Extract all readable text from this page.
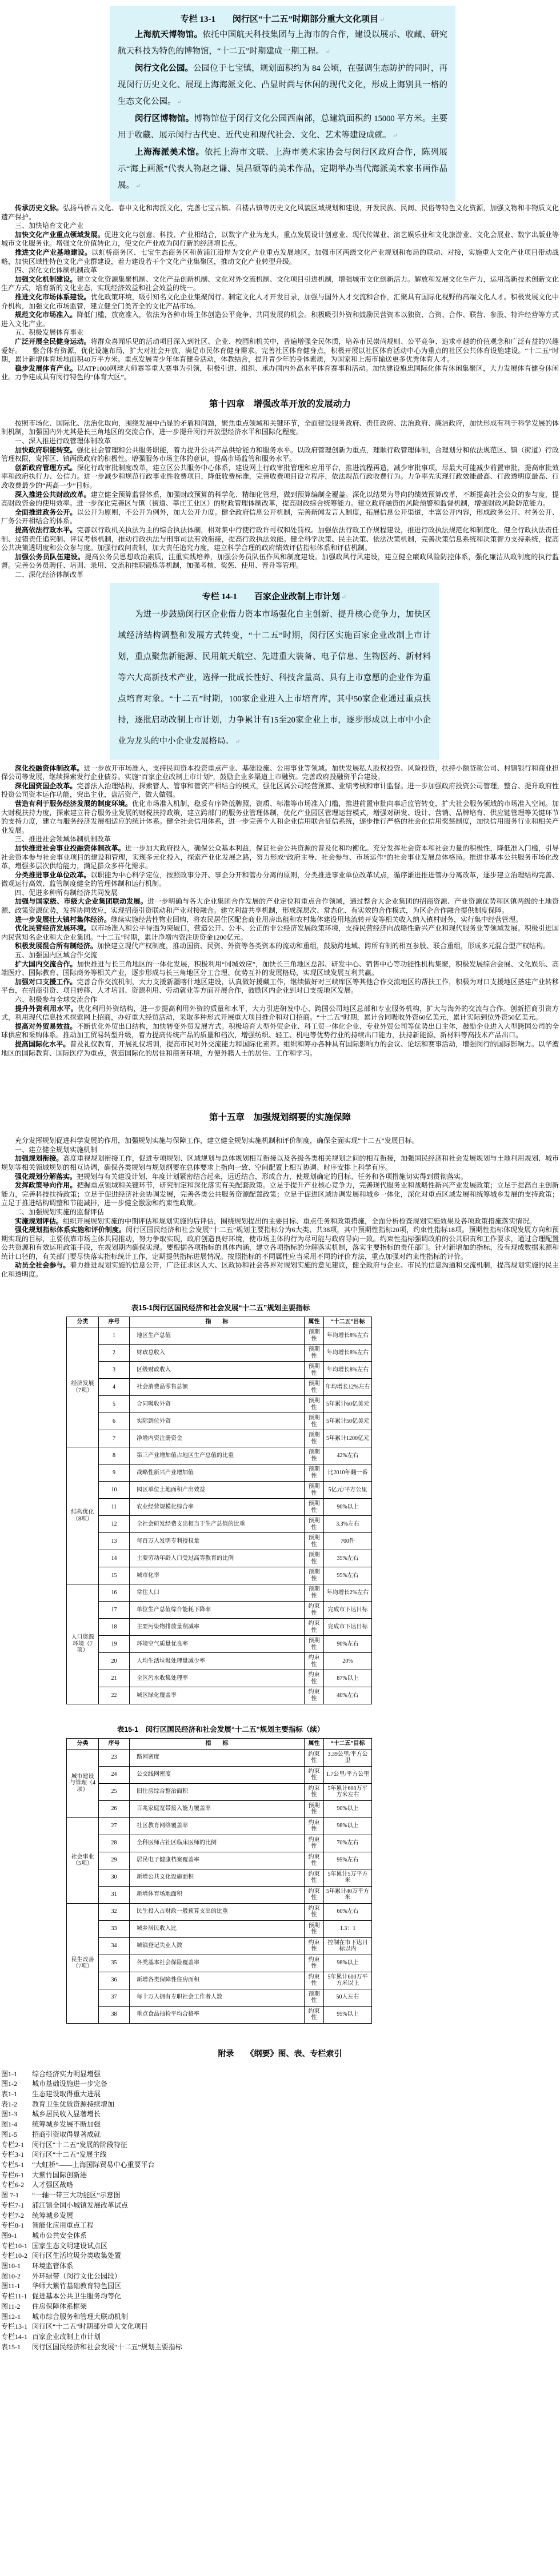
专栏 13-1　　闵行区“十二五”时期部分重大文化项目 ↵

上海航天博物馆。依托中国航天科技集团与上海市的合作，建设以展示、收藏、研究航天科技为特色的博物馆，“十二五”时期建成一期工程。 ↵

闵行文化公园。公园位于七宝镇，规划面积约为 84 公顷，在强调生态防护的同时，再现闵行历史文化、展现上海海派文化、凸显时尚与休闲的现代文化，形成上海别具一格的生态文化公园。 ↵

闵行区博物馆。博物馆位于闵行文化公园西南部，总建筑面积约 15000 平方米。主要用于收藏、展示闵行古代史、近代史和现代社会、文化、艺术等建设成就。 ↵

上海海派美术馆。依托上海市文联、上海市美术家协会与闵行区政府合作，陈列展示“海上画派”代表人物赵之谦、吴昌硕等的美术作品，定期举办当代海派美术家书画作品展。 ↵

传承历史文脉。弘扬马桥古文化、春申文化和海派文化，完善七宝古镇、召楼古镇等历史文化风貌区域规划和建设，开发民族、民间、民俗等特色文化资源，加强文物和非物质文化遗产保护。

三、加快培育文化产业

加快文化产业重点领域发展。促进文化与创意、科技、产业相结合，以数字产业为龙头，重点发展设计创意业、现代传媒业、演艺娱乐业和文化旅游业、文化会展业、数字出版业等城市文化服务业。增强文化价值转化力，使文化产业成为闵行新的经济增长点。

推进文化产业基地建设。以虹桥商务区、七宝生态商务区和黄浦江沿岸为文化产业重点发展地区，加强市区两级文化产业规划和布局的联动、对接，实施重大文化产业项目带动战略，加快区域性特色文化产业群建设，着力建设若干个文化产业集聚区，推动文化产业转型升级。

四、深化文化体制机制改革

加强文化机制建设。建立文化资源集聚机制、文化产品创新机制、文化对外交流机制、文化项目引进机制，增强城市文化创新活力。解放和发展文化生产力，运用高新技术创新文化生产方式，培育新的文化业态，实现经济效益和社会效益的统一。

推进文化市场体系建设。优化政策环境，吸引知名文化企业集聚闵行。制定文化人才开发目录，加强与国外人才交流和合作，汇聚具有国际化视野的高端文化人才。积极发展文化中介机构，加强文化市场监管，建立健全门类齐全的文化产品市场。

规范文化市场准入。降低门槛，放宽准入，依法为各种市场主体创造公平竞争、共同发展的机会。积极吸引外资和鼓励民营资本以独资、合资、合作、联营、参股、特许经营等方式进入文化产业。

五、积极发展体育事业

广泛开展全民健身运动。将群众喜闻乐见的活动项目深入到社区、企业、校园和机关中，普遍增强全民体质，培养市民崇尚规则、公平竞争、追求卓越的价值观念和广泛有益的兴趣爱好。　　整合体育资源，优化设施布局，扩大对社会开放，满足市民体育健身需求。完善社区体育健身点，积极开展以社区体育活动中心为重点的社区公共体育设施建设。“十二五”时期，累计新增体育场地面积40万平方米。重点发展青少年体育健身活动，体教结合，提升青少年的身体素质，为国家和上海市输送更多优秀体育人才。

稳步发展体育产业。以ATP1000网球大师赛等重大赛事为引领，积极引进、组织、承办国内外高水平体育赛事和活动。加快建设旗忠国际化体育休闲集聚区，大力发展体育健身休闲业。力争建成具有闵行特色的“体育大区”。

第十四章　增强改革开放的发展动力

按照市场化、国际化、法治化取向，围绕发展中凸显的矛盾和问题，聚焦重点领域和关键环节，全面建设服务政府、责任政府、法治政府、廉洁政府，加快形成有利于科学发展的体制机制，加强国内外尤其是长三角地区的交流合作，进一步提升闵行开放型经济水平和国际化程度。

一、深入推进行政管理体制改革

加快政府职能转变。强化社会管理和公共服务职能，着力提升公共产品供给能力和服务水平。以政府管理创新为重点，理顺行政管理体制，合理划分和依法规范区、镇（街道）行政管理权限，发挥区、镇两级政府的积极性。增强服务市场主体的意识，提高市场监管和服务水平。

创新政府管理方式。深化行政审批制度改革，建立区公共服务中心体系，建设网上行政审批管理和应用平台，推进流程再造，减少审批事项，尽最大可能减少前置审批，提高审批效率和政府执行力、公信力。进一步减少和规范行政事业性收费项目，降低收费标准，完善收费项目设立程序，依法规范行政收费行为。力争率先实现行政效能最高、行政透明度最高、行政收费最少的“两高一少”目标。

深入推进公共财政改革。建立健全预算监督体系，加强财政预算的科学化、精细化管理，做到预算编制全覆盖。深化以结果为导向的绩效预算改革，不断提高社会公众的参与度，提高财政资金的使用效率。进一步深化完善区与镇（街道、莘庄工业区）的财政管理体制改革，提高财政综合统筹能力。建立政府融资的风险预警和监督机制，增强财政风险防范能力。

全面推进政务公开。以公开为原则，不公开为例外，加大公开力度。健全政府信息公开机制，完善新闻发言人制度，拓展信息公开渠道，丰富公开内容，形成政务公开、村务公开、厂务公开相结合的体系。

提高依法行政水平。完善以行政机关执法为主的综合执法体制，相对集中行使行政许可权和处罚权。加强依法行政工作规程建设，推进行政执法规范化和制度化，健全行政执法责任制、过错责任追究制、评议考核机制，推动行政执法与刑事司法有效衔接，提高行政执法效能。健全科学决策、民主决策、依法决策机制，完善决策信息系统和决策智力支持系统，提高公共决策透明度和公众参与度。加强行政问责制，加大责任追究力度，建立科学合理的政府绩效评估指标体系和评估机制。

加强公务员队伍建设。提高公务员思想政治素质，注重实践培养，加强公务员队伍作风和制度建设。加强政风行风建设，建立健全廉政风险防控体系，强化廉洁从政制度的执行监督。完善公务员聘任、培训、录用、交流和挂职锻炼等机制，加强考核、奖惩、使用、晋升等管理。

二、深化经济体制改革

专栏 14-1　　百家企业改制上市计划 ↵

为进一步鼓励闵行区企业借力资本市场强化自主创新、提升核心竞争力，加快区域经济结构调整和发展方式转变，“十二五”时期，闵行区实施百家企业改制上市计划，重点聚焦新能源、民用航天航空、先进重大装备、电子信息、生物医药、新材料等六大高新技术产业，选择一批成长性好、科技含量高、具有上市意愿的企业作为重点培育对象。“十二五”时期，100家企业进入上市培育库，其中50家企业通过重点扶持，逐批启动改制上市计划，力争累计有15至20家企业上市，逐步形成以上市中小企业为龙头的中小企业发展格局。 ↵

深化投融资体制改革。进一步放开市场准入，支持民间资本投资重点产业、基础设施、公用事业等领域。加快发展私人股权投资、风险投资，扶持小额贷款公司、村镇银行和商业担保公司等发展，继续探索发行企业债券。实施“百家企业改制上市计划”，鼓励企业多渠道上市融资。完善政府投融资平台建设。

深化国资国企改革。完善法人治理结构，探索管人、管事和管资产相结合的模式，强化区属公司经营预算、业绩考核和审计监督。进一步加强政府投资公司管理，整合、提升政府性投资公司资本运作功能，突出主业，盘活资产，做大做强。

营造有利于服务经济发展的制度环境。优化市场准入机制，稳妥有序降低牌照、资质、标准等市场准入门槛，推进前置审批向事后监管转变，扩大社会服务领域的市场准入空间。加大财税扶持力度，探索建立符合服务业发展的财税扶持政策，建立跨部门的服务业管理体制，优化产业园区管理运营模式，增强对研发、设计、营销、品牌培育、供应链管理等关键环节的支持力度，建立与服务经济发展相适应的统计体系。健全社会信用体系，进一步完善个人和企业信用联合征信系统，逐步推行严格的社会化信用奖惩制度，加快信用服务行业和相关产业发展。

三、推进社会领域体制机制改革

加快推进社会事业投融资体制改革。进一步加大政府投入，确保公众基本利益，保证社会公共资源的普及化和均衡化。充分发挥社会资本和社会力量的积极性，降低准入门槛，引导社会资本参与社会事业项目的建设和管理，实现多元化投入，探索产业化发展之路，努力形成“政府主导、社会参与、市场运作”的社会事业发展总体格局。推进非基本公共服务市场化改革，增强多层次供给能力，满足群众多样化需求。

分类推进事业单位改革。以职能为中心科学定位，按照政事分开、事企分开和管办分离的原则，分类推进事业单位改革试点，循序渐进推进管办分离改革，逐步建立治理结构完善、微观运行高效、监管制度健全的管理体制和运行机制。

四、促进多种所有制经济共同发展

加强与国家级、市级大企业集团联动发展。进一步明确与各大企业集团合作发展的产业定位和重点合作领域，通过整合大企业集团的招商资源、产业资源优势和区镇两级的土地资源、政策资源优势，发挥协同效应，实现招商引资联动和产业对接融合。建立利益共享机制，形成深层次、常态化、有实效的合作模式，为区企合作融合提供制度保障。

进一步发展壮大镇村集体经济。继续实施经营性物业回购，将农民居住区配套商业用房出租和农村集体建设用地流转开发等相关收入纳入镇村财务，实行集中经营管理。

优化民营经济发展环境。以市场准入和公平待遇为突破口，营造公开、公平、公正的非公经济发展政策环境，支持民营经济向战略性新兴产业和现代服务业等领域发展。积极引进国内民营知名企业和大企业集团。“十二五”时期，累计净增内资注册资金1200亿元。

积极发展混合所有制经济。加快建立现代产权制度，推动国资、民资、外资等各类资本的流动和重组，鼓励跨地域、跨所有制的相互参股、联合重组，形成多元混合型产权结构。

五、加强国内区域合作交流

扩大国内交流合作。加快推进与长三角地区的一体化发展，积极利用“同城效应”，加快长三角地区总部、研发中心、销售中心等功能性机构集聚，积极发展综合会展、文化娱乐、高端医疗、国际教育、国际商务等相关产业，逐步形成与长三角地区分工合理、优势互补的发展格局，实现区域发展互利共赢。

加强对口支援工作。完善合作交流机制，大力支援新疆喀什地区建设，认真做好援藏工作，继续做好对三峡库区等其他合作交流地区的帮扶工作，积极为对口支援地区搭建产业转移平台，在招商引资、项目转移、人才培训、资源利用、劳动就业等方面开展合作，鼓励区内企业到对口支援地区发展。

六、积极参与全球交流合作

提升外资利用水平。优化利用外资结构，进一步提高利用外资的质量和水平，大力引进研发中心、跨国公司地区总部和专业服务机构，扩大与海外的交流与合作。创新招商引资方式，利用现代信息技术探索网上招商，办好重大经贸活动，采取多种形式开展重大项目推介和对口招商。“十二五”时期，累计合同吸收外资60亿美元，累计实际到位外资50亿美元。

提高对外贸易效益。不断优化外贸出口结构，加快转变外贸发展方式。积极培育大型外贸企业、科工贸一体化企业、专业外贸公司等优势出口主体，鼓励企业进入大型跨国公司的全球供应和采购体系。推动加工贸易转型升级，着力提高传统产品的质量和档次，增强纺织、轻工、机电等优势行业的持续出口能力，扶持新能源、新材料等高技术产品出口。

提高国际化水平。普及礼仪教育，开展礼仪培训，提高市民对外交流能力和国际化素养。组织和筹办各种具有国际影响力的会议、论坛和赛事活动，增强闵行的国际影响力。以华漕地区的国际教育、国际医疗为重点，营造国际化的居住和商务环境，方便外籍人士的居住、工作和学习。

第十五章　加强规划纲要的实施保障

充分发挥规划促进科学发展的作用，加强规划实施与保障工作，建立健全规划实施机制和评价制度，确保全面实现“十二五”发展目标。

一、建立健全规划实施机制

加强规划衔接。高度重视规划衔接工作，促进专项规划、区域规划与总体规划相互衔接以及各级各类相关规划之间的相互衔接，加强国民经济和社会发展规划与土地利用规划、城市规划等相关领域规划的相互协调，确保各类规划与规划纲要在总体要求上指向一致、空间配置上相互协调、时序安排上科学有序。

强化规划分解落实。把规划与有关建设计划、年度计划紧密结合起来，远近结合，形成合力，使规划确定的目标、任务和各项措施切实得到贯彻落实。

发挥政策导向作用。把握重点领域和关键环节，研究制定和深化落实有关配套政策。立足于提升产业核心竞争力，完善现代服务业和战略性新兴产业发展政策；立足于提高自主创新能力，完善科技扶持政策；立足于促进经济社会协调发展，完善各类公共服务资源配置政策；立足于促进区域协调发展和城乡一体化，深化对重点区域发展和统筹城乡发展的支持政策；立足于推进结构调整和节能减排，进一步健全激励和约束性政策。

二、加强规划实施的监督评估

实施规划评估。组织开展规划实施的中期评估和规划实施的后评估，围绕规划提出的主要目标、重点任务和政策措施，全面分析检查规划实施效果及各项政策措施落实情况。

强化规划指标体系实施和评价制度。闵行区国民经济和社会发展“十二五”规划主要指标分为6大类、共38项，其中预期性指标20项，约束性指标18项。预期性指标体现发展方向和预期实现的目标，主要依靠市场主体共同推动，努力争取实现，政府创造良好环境，使市场主体的行为尽可能与政府导向一致。约束性指标强调政府的公共职责和工作要求，通过合理配置公共资源和有效运用政策手段，在规划期内确保实现。要根据各项指标的具体内涵，建立各项指标的分解落实机制，落实主要指标的责任部门。针对新增加的指标，没有现成数据来源和统计口径的，有关部门要尽快落实指标统计工作，定期提供指标进展情况。按照指标的不同属性应当采用不同的评价方法，重点加强对约束性指标的评价。

动员全社会参与。着力推进规划实施的信息公开，广泛征求区人大、区政协和社会各界对规划实施的意见建议，健全政府与企业、市民的信息沟通和交流机制，提高规划实施的民主化和透明度。

表15-1闵行区国民经济和社会发展“十二五”规划主要指标
分类	序号	指　　标	属性	“十二五”目标
经济发展（7项）	1	地区生产总值	预期性	年均增长8%左右
	2	财政总收入	预期性	年均增长8%左右
	3	区级财政收入	预期性	年均增长8%左右
	4	社会消费品零售总额	预期性	年均增长12%左右
	5	合同吸收外资	预期性	5年累计60亿美元
	6	实际到位外资	预期性	5年累计50亿美元
	7	净增内资注册资金	预期性	5年累计1200亿元
结构优化（8项）	8	第三产业增加值占地区生产总值的比重	预期性	42%左右
	9	战略性新兴产业增加值	预期性	比2010年翻一番
	10	园区单位土地面积产出效益	预期性	5亿元/平方公里
	11	农业经营规模化综合率	预期性	90%以上
	12	全社会研发经费支出相当于生产总值的比重	预期性	3.3%左右
	13	每百万人发明专利授权量	预期性	700件
	14	主要劳动年龄人口受过高等教育的比例	预期性	35%左右
	15	城市化率	预期性	95%左右
人口资源环境（7项）	16	常住人口	预期性	年均增长2%左右
	17	单位生产总值综合能耗下降率	约束性	完成市下达目标
	18	主要污染物排放量削减率	约束性	完成市下达目标
	19	环境空气质量优良率	预期性	90%左右
	20	人均生活垃圾处理量减少率	约束性	20%
	21	全区污水收集处理率	约束性	87%以上
	22	城区绿化覆盖率	约束性	40%左右
表15-1　闵行区国民经济和社会发展“十二五”规划主要指标（续）
分类	序号	指　　标	属性	“十二五”目标
城市建设与管理（4项）	23	路网密度	约束性	3.39公里/平方公里
	24	公交线网密度	约束性	1.7公里/平方公里
	25	旧住房综合整治面积	约束性	5年累计600万平方米左右
	26	百兆家庭宽带接入能力覆盖率	预期性	90%以上
社会事业（5项）	27	社区教育网络覆盖率	约束性	98%以上
	28	全科医师占社区临床医师的比例	约束性	70%左右
	29	居民电子健康档案覆盖率	约束性	95%左右
	30	新增公共文化设施面积	约束性	5年累计5万平方米
	31	新增体育场地面积	约束性	5年累计40万平方米
民生改善（7项）	32	民生投入占财政一般预算支出的比重	约束性	60%左右
	33	城乡居民收入比	预期性	1.3：1
	34	城镇登记失业人数	约束性	控制在市下达目标以内
	35	各类基本社会保险覆盖率	约束性	98%以上
	36	新增各类保障性住房面积	约束性	5年累计600万平方米以上
	37	每十万人拥有专职社会工作者人数	预期性	50人左右
	38	重点食品抽检平均合格率	约束性	95%以上
附录　　《纲要》图、表、专栏索引
图1-1 综合经济实力明显增强
图1-2 城市基础设施进一步完备
表1-1 生态建设取得重大进展
表1-2 教育卫生优质资源持续增加
图1-3 城乡居民收入显著增长
图1-4 统筹城乡发展不断加强
图1-5 招商引资取得显著成就
专栏2-1 闵行区“十二五”发展的阶段特征
专栏3-1 闵行区“十二五”发展主线
专栏5-1 “大虹桥”——上海国际贸易中心重要平台
专栏6-1 大紫竹国际创新港
专栏6-2 人才强区战略
图 7-1 “一轴一带三大功能区”示意图
专栏7-1 浦江镇全国小城镇发展改革试点
专栏7-2 统筹城乡发展
专栏8-1 智能化应用重点工程
图9-1 城市公共安全体系
专栏10-1 国家生态文明建设试点区
专栏10-2 闵行区生活垃圾分类收集处置
图10-1 环境监管体系
图10-2 外环绿带（闵行文化公园段）
图11-1 华师大紫竹基础教育特色园区
专栏11-1 促进基本公共卫生服务均等化
图11-2 住房保障体系框架
图12-1 城市综合服务和管理大联动机制
专栏13-1 闵行区“十二五”时期部分重大文化项目
专栏14-1 百家企业改制上市计划
表15-1 闵行区国民经济和社会发展“十二五”规划主要指标
